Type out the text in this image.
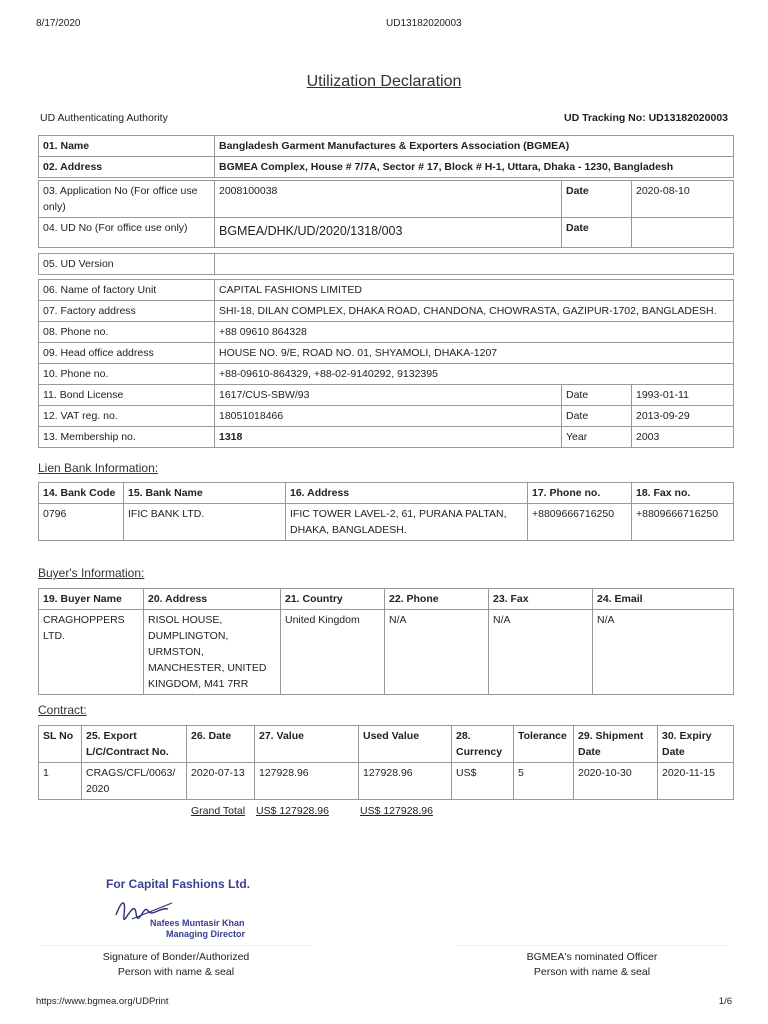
8/17/2020	UD13182020003
Utilization Declaration
UD Authenticating Authority	UD Tracking No: UD13182020003
01. Name	Bangladesh Garment Manufactures & Exporters Association (BGMEA)
02. Address	BGMEA Complex, House # 7/7A, Sector # 17, Block # H-1, Uttara, Dhaka - 1230, Bangladesh
03. Application No (For office use only)	2008100038	Date	2020-08-10
04. UD No (For office use only)	BGMEA/DHK/UD/2020/1318/003	Date	
05. UD Version	
06. Name of factory Unit	CAPITAL FASHIONS LIMITED		
07. Factory address	SHI-18, DILAN COMPLEX, DHAKA ROAD, CHANDONA, CHOWRASTA, GAZIPUR-1702, BANGLADESH.		
08. Phone no.	+88 09610 864328		
09. Head office address	HOUSE NO. 9/E, ROAD NO. 01, SHYAMOLI, DHAKA-1207		
10. Phone no.	+88-09610-864329, +88-02-9140292, 9132395		
11. Bond License	1617/CUS-SBW/93	Date	1993-01-11
12. VAT reg. no.	18051018466	Date	2013-09-29
13. Membership no.	1318	Year	2003
Lien Bank Information:
14. Bank Code	15. Bank Name	16. Address	17. Phone no.	18. Fax no.
0796	IFIC BANK LTD.	IFIC TOWER LAVEL-2, 61, PURANA PALTAN, DHAKA, BANGLADESH.	+8809666716250	+8809666716250
Buyer's Information:
19. Buyer Name	20. Address	21. Country	22. Phone	23. Fax	24. Email
CRAGHOPPERS LTD.	RISOL HOUSE, DUMPLINGTON, URMSTON, MANCHESTER, UNITED KINGDOM, M41 7RR	United Kingdom	N/A	N/A	N/A
Contract:
SL No	25. Export L/C/Contract No.	26. Date	27. Value	Used Value	28. Currency	Tolerance	29. Shipment Date	30. Expiry Date
1	CRAGS/CFL/0063/ 2020	2020-07-13	127928.96	127928.96	US$	5	2020-10-30	2020-11-15
Grand Total US$ 127928.96	US$ 127928.96
For Capital Fashions Ltd.
Nafees Muntasir Khan
Managing Director
Signature of Bonder/Authorized
Person with name & seal
BGMEA's nominated Officer
Person with name & seal
https://www.bgmea.org/UDPrint	1/6
